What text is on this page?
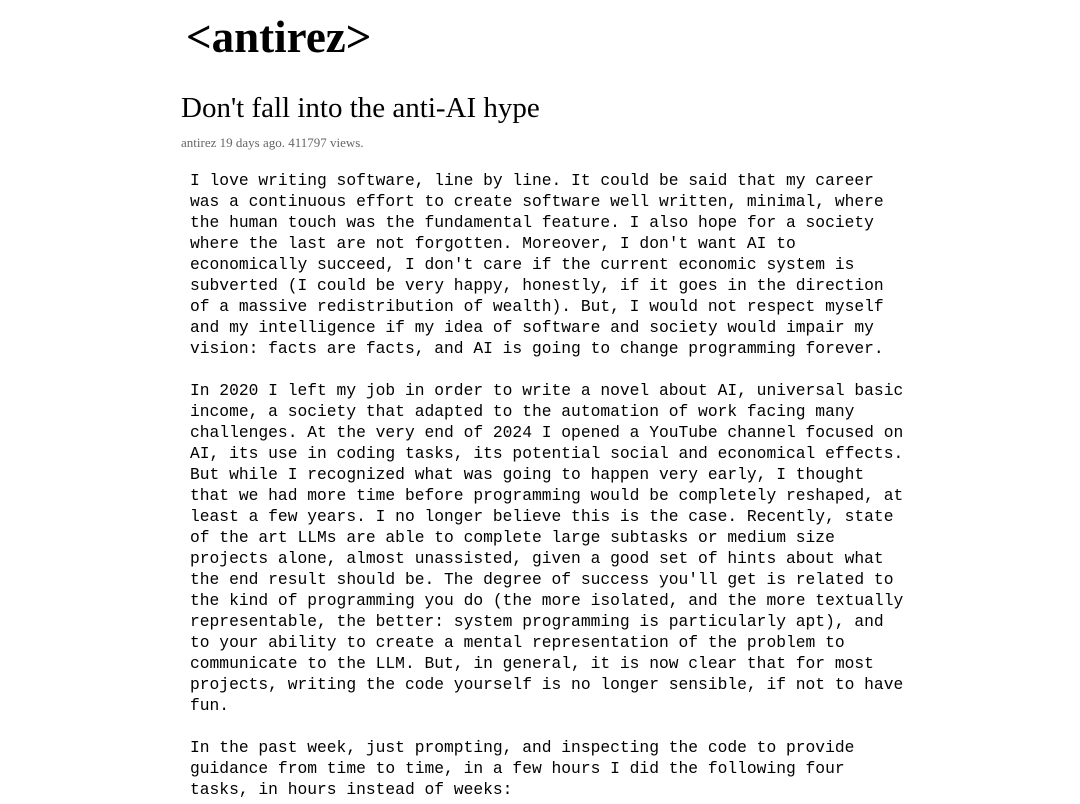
<antirez>
Don't fall into the anti-AI hype
antirez 19 days ago. 411797 views.

I love writing software, line by line. It could be said that my career
was a continuous effort to create software well written, minimal, where
the human touch was the fundamental feature. I also hope for a society
where the last are not forgotten. Moreover, I don't want AI to
economically succeed, I don't care if the current economic system is
subverted (I could be very happy, honestly, if it goes in the direction
of a massive redistribution of wealth). But, I would not respect myself
and my intelligence if my idea of software and society would impair my
vision: facts are facts, and AI is going to change programming forever.

In 2020 I left my job in order to write a novel about AI, universal basic
income, a society that adapted to the automation of work facing many
challenges. At the very end of 2024 I opened a YouTube channel focused on
AI, its use in coding tasks, its potential social and economical effects.
But while I recognized what was going to happen very early, I thought
that we had more time before programming would be completely reshaped, at
least a few years. I no longer believe this is the case. Recently, state
of the art LLMs are able to complete large subtasks or medium size
projects alone, almost unassisted, given a good set of hints about what
the end result should be. The degree of success you'll get is related to
the kind of programming you do (the more isolated, and the more textually
representable, the better: system programming is particularly apt), and
to your ability to create a mental representation of the problem to
communicate to the LLM. But, in general, it is now clear that for most
projects, writing the code yourself is no longer sensible, if not to have
fun.

In the past week, just prompting, and inspecting the code to provide
guidance from time to time, in a few hours I did the following four
tasks, in hours instead of weeks:
